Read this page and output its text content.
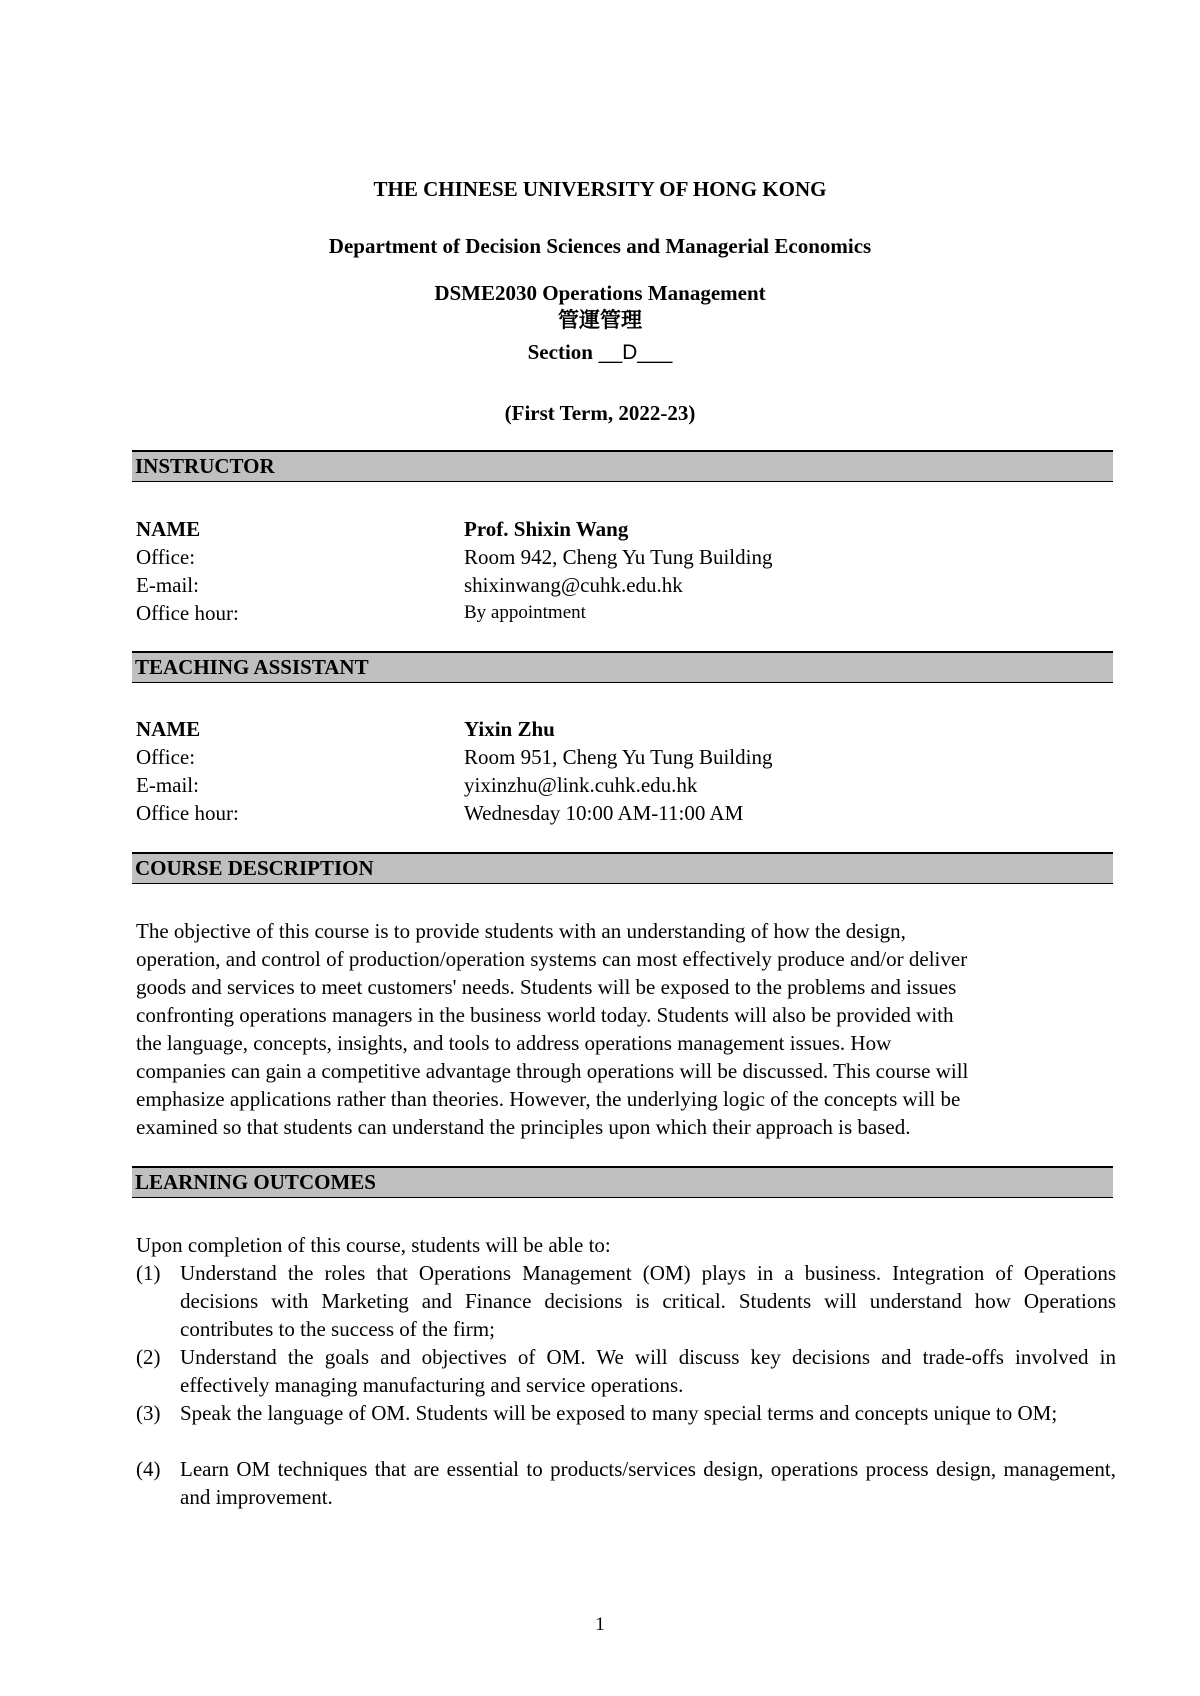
THE CHINESE UNIVERSITY OF HONG KONG
Department of Decision Sciences and Managerial Economics
DSME2030 Operations Management
管運管理
Section __D___
(First Term, 2022-23)
INSTRUCTOR
NAME	Prof. Shixin Wang
Office:	Room 942, Cheng Yu Tung Building
E-mail:	shixinwang@cuhk.edu.hk
Office hour:	By appointment
TEACHING ASSISTANT
NAME	Yixin Zhu
Office:	Room 951, Cheng Yu Tung Building
E-mail:	yixinzhu@link.cuhk.edu.hk
Office hour:	Wednesday 10:00 AM-11:00 AM
COURSE DESCRIPTION
The objective of this course is to provide students with an understanding of how the design,
operation, and control of production/operation systems can most effectively produce and/or deliver
goods and services to meet customers' needs. Students will be exposed to the problems and issues
confronting operations managers in the business world today. Students will also be provided with
the language, concepts, insights, and tools to address operations management issues. How
companies can gain a competitive advantage through operations will be discussed. This course will
emphasize applications rather than theories. However, the underlying logic of the concepts will be
examined so that students can understand the principles upon which their approach is based.
LEARNING OUTCOMES
Upon completion of this course, students will be able to:
(1) Understand the roles that Operations Management (OM) plays in a business. Integration of Operations decisions with Marketing and Finance decisions is critical. Students will understand how Operations contributes to the success of the firm;
(2) Understand the goals and objectives of OM. We will discuss key decisions and trade-offs involved in effectively managing manufacturing and service operations.
(3) Speak the language of OM. Students will be exposed to many special terms and concepts unique to OM;
(4) Learn OM techniques that are essential to products/services design, operations process design, management, and improvement.
1
